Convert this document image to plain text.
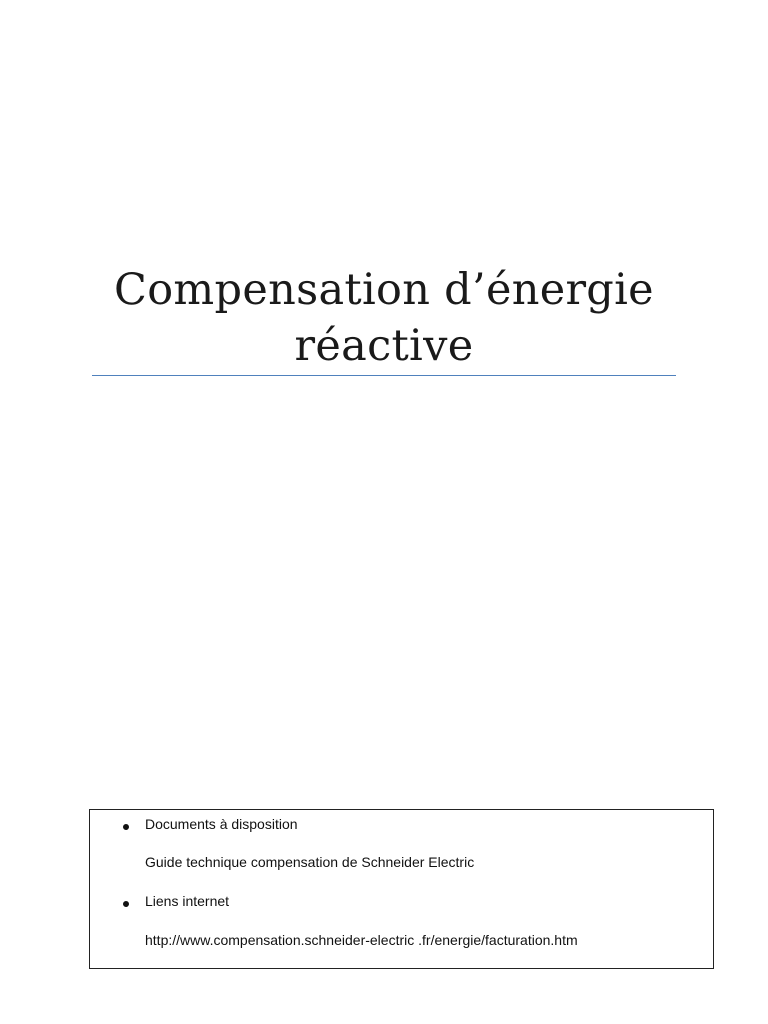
Compensation d’énergie
réactive
Documents à disposition
Guide technique compensation de Schneider Electric
Liens internet
http://www.compensation.schneider-electric .fr/energie/facturation.htm
